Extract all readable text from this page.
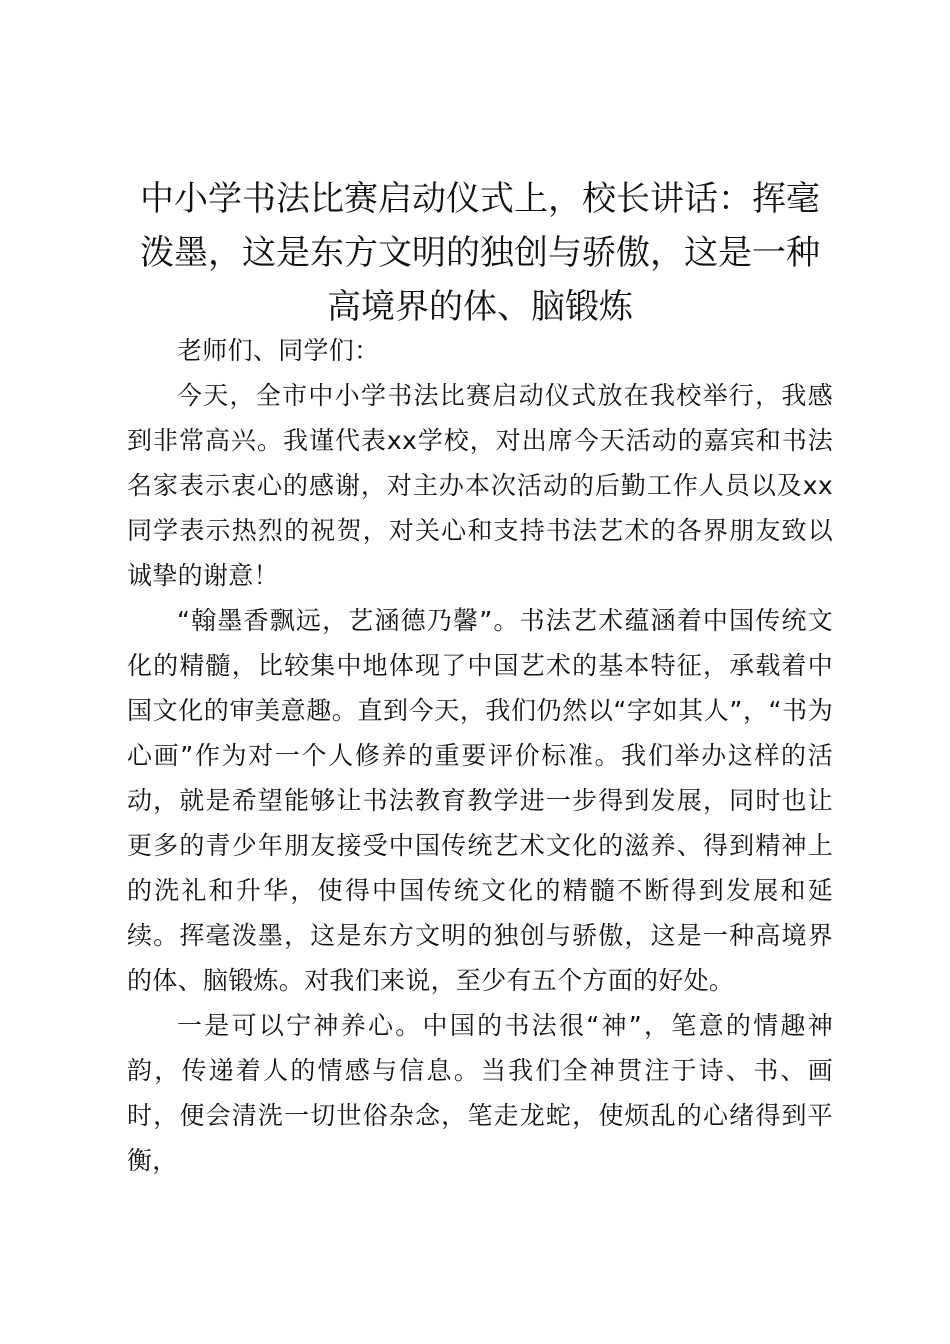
中小学书法比赛启动仪式上，校长讲话：挥毫泼墨，这是东方文明的独创与骄傲，这是一种高境界的体、脑锻炼

老师们、同学们：

今天，全市中小学书法比赛启动仪式放在我校举行，我感到非常高兴。我谨代表xx学校，对出席今天活动的嘉宾和书法名家表示衷心的感谢，对主办本次活动的后勤工作人员以及xx同学表示热烈的祝贺，对关心和支持书法艺术的各界朋友致以诚挚的谢意！

“翰墨香飘远，艺涵德乃馨”。书法艺术蕴涵着中国传统文化的精髓，比较集中地体现了中国艺术的基本特征，承载着中国文化的审美意趣。直到今天，我们仍然以“字如其人”，“书为心画”作为对一个人修养的重要评价标准。我们举办这样的活动，就是希望能够让书法教育教学进一步得到发展，同时也让更多的青少年朋友接受中国传统艺术文化的滋养、得到精神上的洗礼和升华，使得中国传统文化的精髓不断得到发展和延续。挥毫泼墨，这是东方文明的独创与骄傲，这是一种高境界的体、脑锻炼。对我们来说，至少有五个方面的好处。

一是可以宁神养心。中国的书法很“神”，笔意的情趣神韵，传递着人的情感与信息。当我们全神贯注于诗、书、画时，便会清洗一切世俗杂念，笔走龙蛇，使烦乱的心绪得到平衡，
